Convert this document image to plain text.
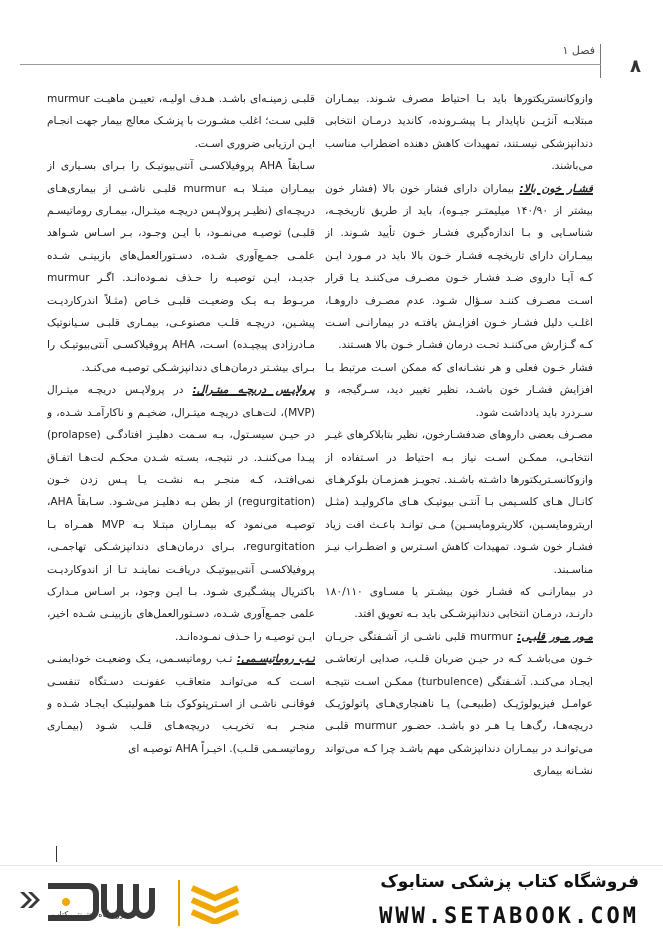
۸
فصل ۱

وازوکانستریکتورها باید بـا احتیاط مصرف شـوند. بیمـاران مبتلابـه آنژیـن ناپایدار یـا پیشـرونده، کاندید درمـان انتخابی دندانپزشکی نیسـتند، تمهیدات کاهش دهنده اضطراب مناسب می‌باشند.

فشـار خون بالا: بیماران دارای فشار خون بالا (فشار خون بیشتر از ۱۴۰/۹۰ میلیمتـر جیـوه)، باید از طریق تاریخچـه، شناسـایی و بـا اندازه‌گیری فشـار خـون تأیید شـوند. از بیمـاران دارای تاریخچـه فشـار خـون بالا باید در مـورد ایـن کـه آیـا داروی ضـد فشـار خـون مصـرف می‌کننـد یـا قرار اسـت مصـرف کننـد سـؤال شـود. عدم مصـرف داروهـا، اغلـب دلیل فشـار خـون افزایـش یافتـه در بیمارانـی اسـت کـه گـزارش می‌کننـد تحـت درمان فشـار خـون بالا هسـتند.

فشار خـون فعلی و هر نشـانه‌ای که ممکن اسـت مرتبط بـا افزایش فشـار خون باشـد، نظیر تغییر دید، سـرگیجه، و سـردرد باید یادداشت شود.

مصـرف بعضی داروهای ضدفشـارخون، نظیر بتابلاکرهای غیـر انتخابـی، ممکـن اسـت نیاز بـه احتیاط در اسـتفاده از وازوکانسـتریکتورها داشـته باشـند. تجویـز همزمـان بلوکرهـای کانـال هـای کلسـیمی بـا آنتـی بیوتیـک هـای ماکرولیـد (مثـل اریترومایسـین، کلاریترومایسـین) مـی توانـد باعـث افت زیاد فشـار خون شـود. تمهیدات کاهش اسـترس و اضطـراب نیـز مناسـبند.

در بیمارانـی که فشـار خون بیشـتر یا مسـاوی ۱۸۰/۱۱۰ دارنـد، درمـان انتخابی دندانپزشـکی باید بـه تعویق افتد.

مـور مـور قلبـی: murmur قلبی ناشـی از آشـفتگی جریـان خـون می‌باشـد کـه در حیـن ضربان قلـب، صدایی ارتعاشـی ایجـاد می‌کنـد. آشـفتگی (turbulence) ممکـن اسـت نتیجـه عوامـل فیزیولوژیـک (طبیعـی) یـا ناهنجاری‌هـای پاتولوژیـک دریچه‌هـا، رگ‌هـا یـا هـر دو باشـد. حضـور murmur قلبـی می‌توانـد در بیمـاران دندانپزشکی مهم باشـد چرا کـه می‌تواند نشـانه بیماری

قلبـی زمینـه‌ای باشـد. هـدف اولیـه، تعییـن ماهیـت murmur قلبی سـت؛ اغلب مشـورت با پزشـک معالج بیمار جهت انجـام ایـن ارزیابی ضروری اسـت.

سـابقاً AHA پروفیلاکسـی آنتی‌بیوتیـک را بـرای بسـیاری از بیمـاران مبتـلا بـه murmur قلبـی ناشـی از بیماری‌هـای دریچـه‌ای (نظیـر پرولاپـس دریچـه میتـرال، بیمـاری روماتیسـم قلبـی) توصیـه می‌نمـود، با ایـن وجـود، بـر اسـاس شـواهد علمـی جمـع‌آوری شـده، دسـتورالعمل‌های بازبینـی شـده جدیـد، ایـن توصیـه را حـذف نمـوده‌انـد. اگـر murmur مربـوط بـه یـک وضعیـت قلبـی خـاص (مثـلاً اندرکاردیـت پیشـین، دریچـه قلـب مصنوعـی، بیمـاری قلبـی سـیانوتیک مـادرزادی پیچیـده) اسـت، AHA پروفیلاکسـی آنتی‌بیوتیـک را بـرای بیشـتر درمان‌هـای دندانپزشـکی توصیـه می‌کنـد.

پرولاپـس دریچـه میتـرال: در پرولاپـس دریچـه میتـرال (MVP)، لت‌هـای دریچـه میتـرال، ضخیـم و ناکارآمـد شـده، و در حیـن سیسـتول، بـه سـمت دهلیـز افتادگـی (prolapse) پیـدا می‌کننـد. در نتیجـه، بسـته شـدن محکـم لت‌هـا اتفـاق نمی‌افتـد، کـه منجـر بـه نشـت یـا پـس زدن خـون (regurgitation) از بطن بـه دهلیـز می‌شـود. سـابقاً AHA، توصیـه می‌نمود که بیمـاران مبتـلا بـه MVP همـراه بـا regurgitation، بـرای درمان‌هـای دندانپزشـکی تهاجمـی، پروفیلاکسـی آنتی‌بیوتیـک دریافـت نماینـد تـا از اندوکاردیـت باکتریال پیشـگیری شـود. بـا ایـن وجود، بر اسـاس مـدارک علمی جمـع‌آوری شـده، دسـتورالعمل‌های بازبینـی شـده اخیر، ایـن توصیـه را حـذف نمـوده‌انـد.

تـب روماتیسـمی: تـب روماتیسـمی، یـک وضعیـت خودایمنـی اسـت کـه می‌توانـد متعاقـب عفونـت دسـتگاه تنفسـی فوقانـی ناشـی از اسـترپتوکوک بتـا همولیتیـک ایجـاد شـده و منجـر بـه تخریـب دریچه‌هـای قلـب شـود (بیمـاری روماتیسـمی قلـب). اخیـراً AHA توصیـه ای

فروشگاه اینترنتی کتاب
فروشگاه کتاب پزشکی ستابوک
WWW.SETABOOK.COM
